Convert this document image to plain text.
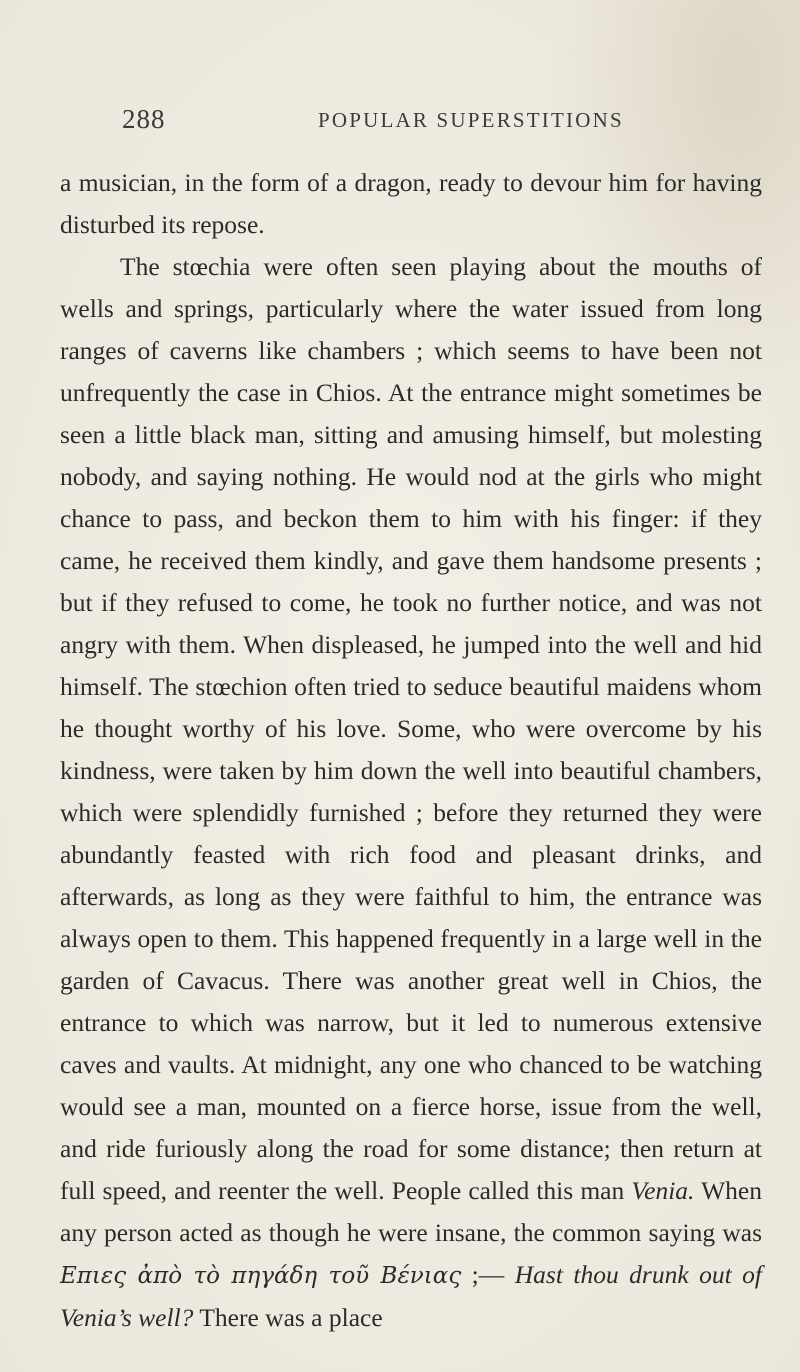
288	POPULAR SUPERSTITIONS

a musician, in the form of a dragon, ready to devour him for having disturbed its repose.

The stœchia were often seen playing about the mouths of wells and springs, particularly where the water issued from long ranges of caverns like chambers ; which seems to have been not unfrequently the case in Chios. At the entrance might sometimes be seen a little black man, sitting and amusing himself, but molesting nobody, and saying nothing. He would nod at the girls who might chance to pass, and beckon them to him with his finger: if they came, he received them kindly, and gave them handsome presents ; but if they refused to come, he took no further notice, and was not angry with them. When displeased, he jumped into the well and hid himself. The stœchion often tried to seduce beautiful maidens whom he thought worthy of his love. Some, who were overcome by his kindness, were taken by him down the well into beautiful chambers, which were splendidly furnished ; before they returned they were abundantly feasted with rich food and pleasant drinks, and afterwards, as long as they were faithful to him, the entrance was always open to them. This happened frequently in a large well in the garden of Cavacus. There was another great well in Chios, the entrance to which was narrow, but it led to numerous extensive caves and vaults. At midnight, any one who chanced to be watching would see a man, mounted on a fierce horse, issue from the well, and ride furiously along the road for some distance; then return at full speed, and reenter the well. People called this man Venia. When any person acted as though he were insane, the common saying was Επιες ἀπὸ τὸ πηγάδη τοῦ Βένιας ;— Hast thou drunk out of Venia’s well? There was a place
